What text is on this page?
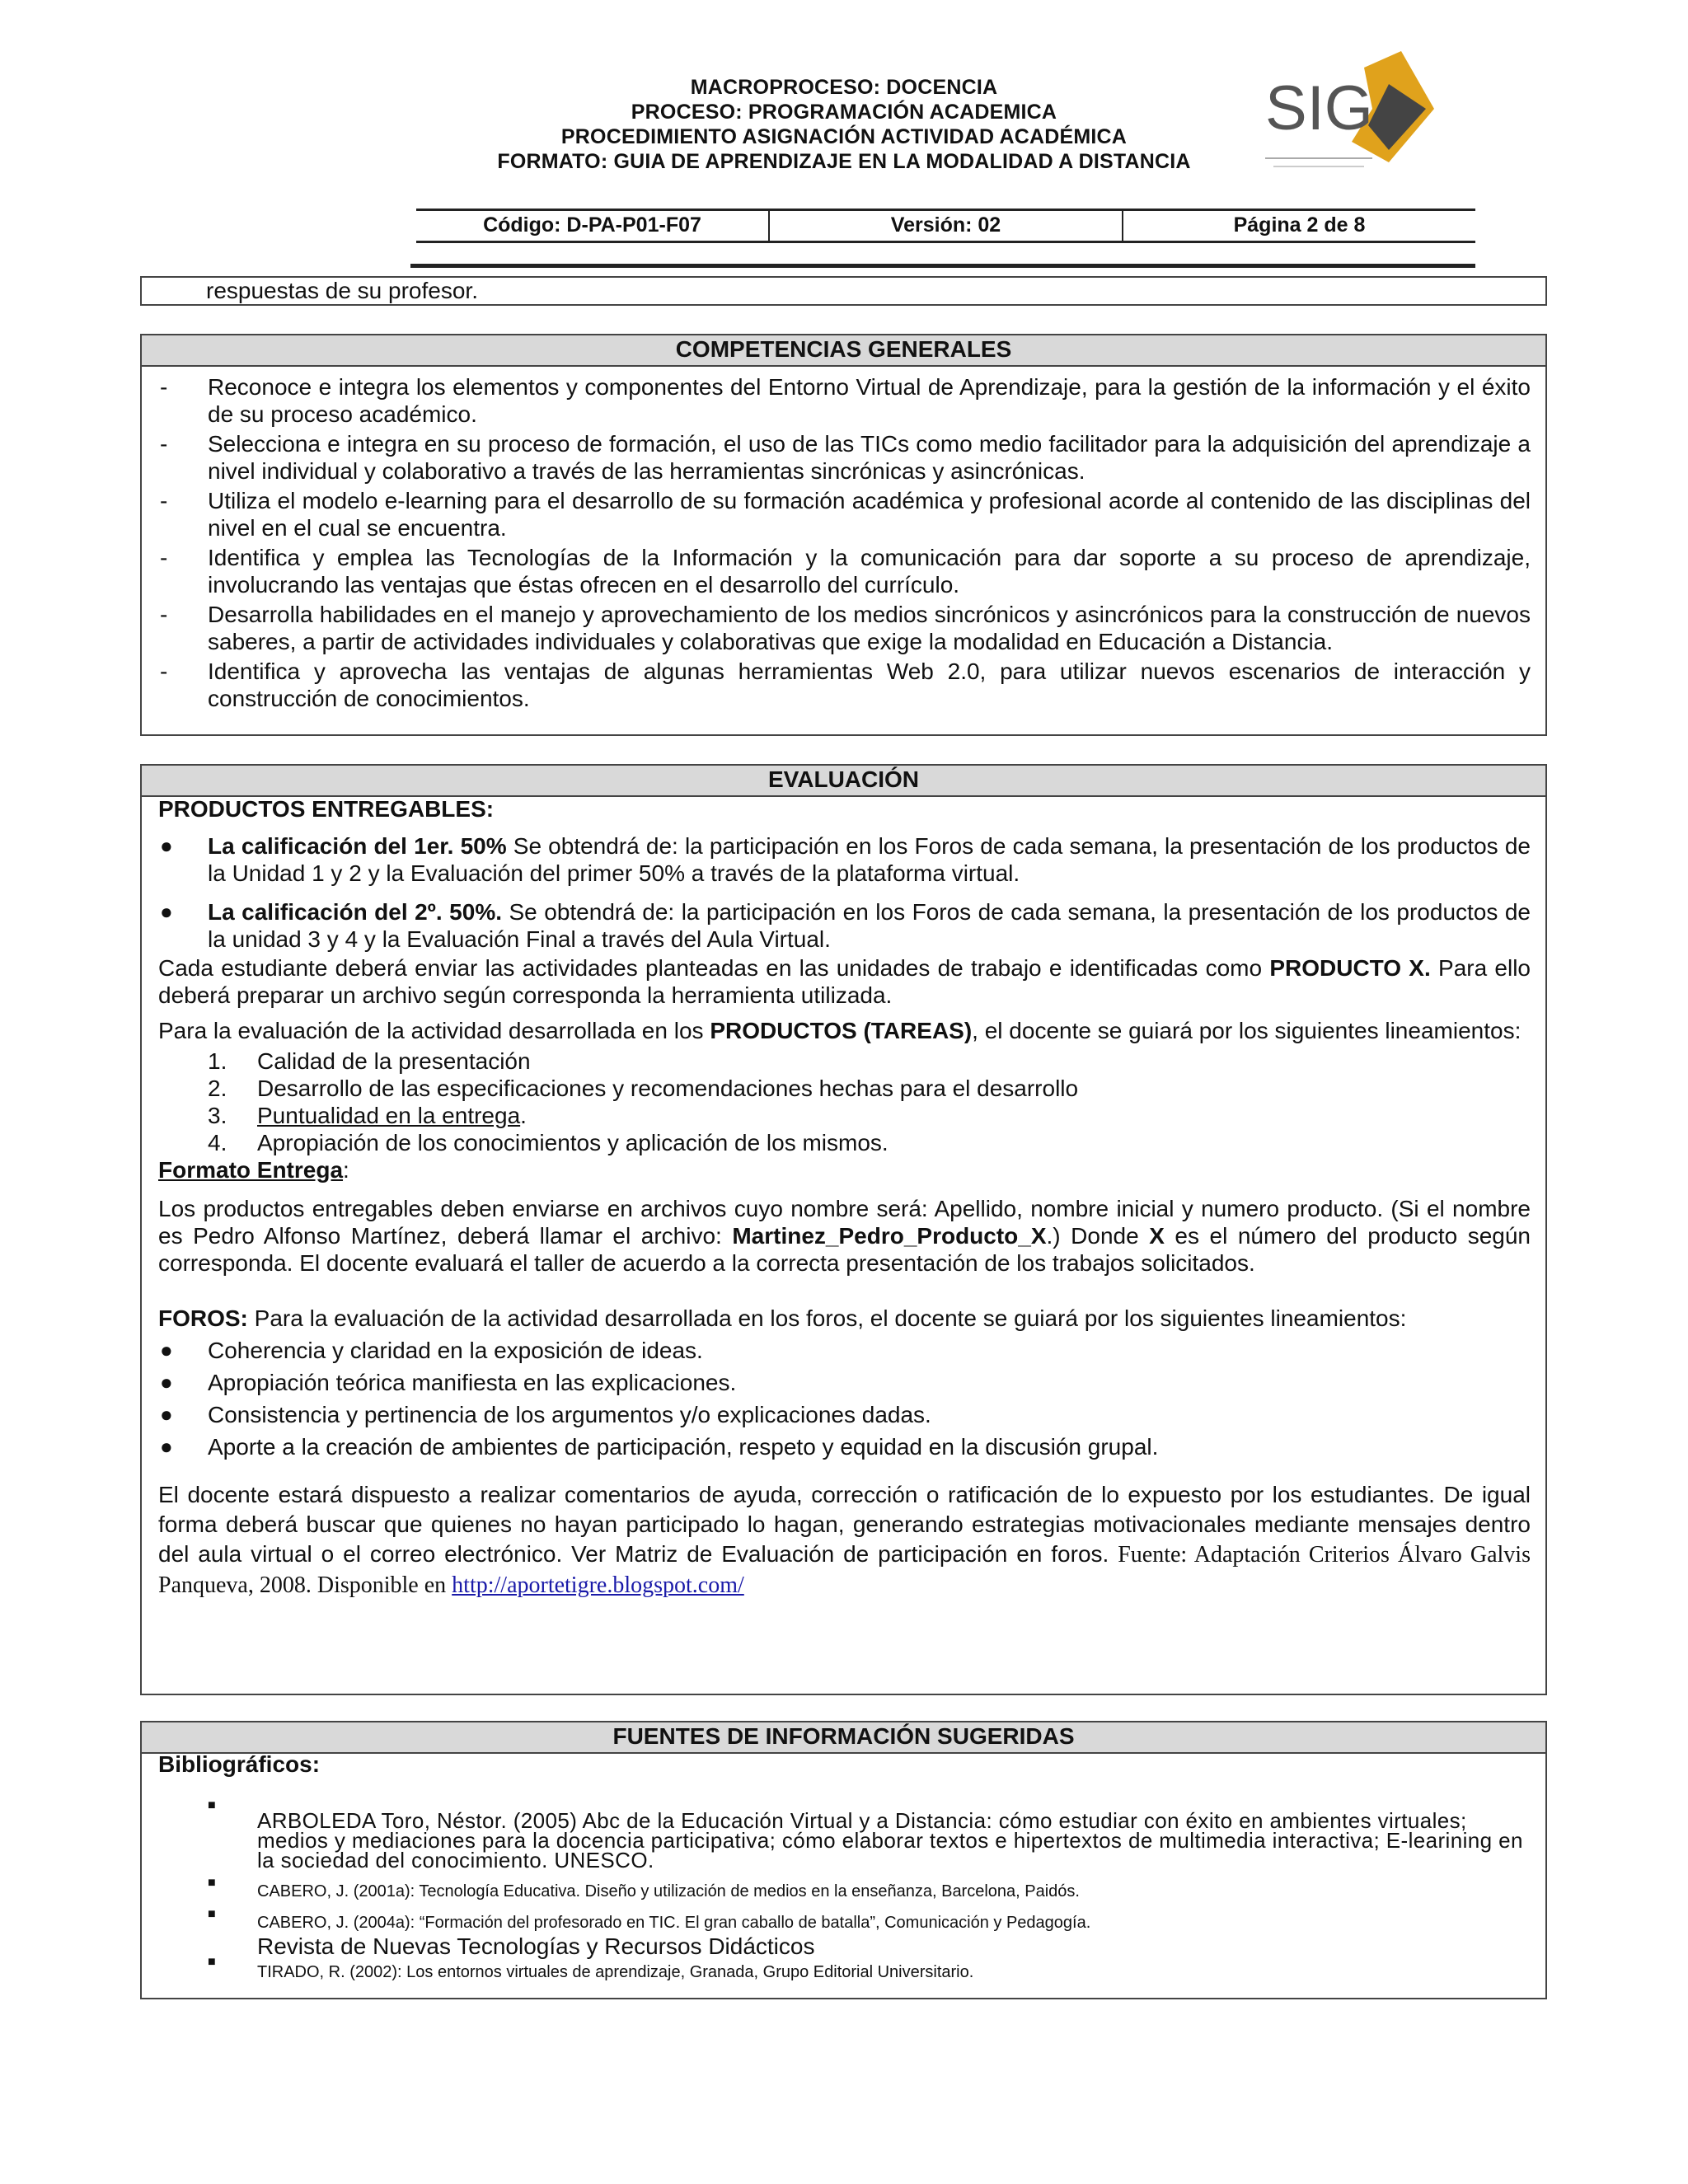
MACROPROCESO: DOCENCIA
PROCESO: PROGRAMACIÓN ACADEMICA
PROCEDIMIENTO ASIGNACIÓN ACTIVIDAD ACADÉMICA
FORMATO: GUIA DE APRENDIZAJE EN LA MODALIDAD A DISTANCIA
SIG
Código: D-PA-P01-F07	Versión: 02	Página 2 de 8
respuestas de su profesor.
COMPETENCIAS GENERALES
- Reconoce e integra los elementos y componentes del Entorno Virtual de Aprendizaje, para la gestión de la información y el éxito de su proceso académico.
- Selecciona e integra en su proceso de formación, el uso de las TICs como medio facilitador para la adquisición del aprendizaje a nivel individual y colaborativo a través de las herramientas sincrónicas y asincrónicas.
- Utiliza el modelo e-learning para el desarrollo de su formación académica y profesional acorde al contenido de las disciplinas del nivel en el cual se encuentra.
- Identifica y emplea las Tecnologías de la Información y la comunicación para dar soporte a su proceso de aprendizaje, involucrando las ventajas que éstas ofrecen en el desarrollo del currículo.
- Desarrolla habilidades en el manejo y aprovechamiento de los medios sincrónicos y asincrónicos para la construcción de nuevos saberes, a partir de actividades individuales y colaborativas que exige la modalidad en Educación a Distancia.
- Identifica y aprovecha las ventajas de algunas herramientas Web 2.0, para utilizar nuevos escenarios de interacción y construcción de conocimientos.
EVALUACIÓN
PRODUCTOS ENTREGABLES:
● La calificación del 1er. 50% Se obtendrá de: la participación en los Foros de cada semana, la presentación de los productos de la Unidad 1 y 2 y la Evaluación del primer 50% a través de la plataforma virtual.
● La calificación del 2º. 50%. Se obtendrá de: la participación en los Foros de cada semana, la presentación de los productos de la unidad 3 y 4 y la Evaluación Final a través del Aula Virtual.
Cada estudiante deberá enviar las actividades planteadas en las unidades de trabajo e identificadas como PRODUCTO X. Para ello deberá preparar un archivo según corresponda la herramienta utilizada.
Para la evaluación de la actividad desarrollada en los PRODUCTOS (TAREAS), el docente se guiará por los siguientes lineamientos:
1. Calidad de la presentación
2. Desarrollo de las especificaciones y recomendaciones hechas para el desarrollo
3. Puntualidad en la entrega.
4. Apropiación de los conocimientos y aplicación de los mismos.
Formato Entrega:
Los productos entregables deben enviarse en archivos cuyo nombre será: Apellido, nombre inicial y numero producto. (Si el nombre es Pedro Alfonso Martínez, deberá llamar el archivo: Martinez_Pedro_Producto_X.) Donde X es el número del producto según corresponda. El docente evaluará el taller de acuerdo a la correcta presentación de los trabajos solicitados.
FOROS: Para la evaluación de la actividad desarrollada en los foros, el docente se guiará por los siguientes lineamientos:
● Coherencia y claridad en la exposición de ideas.
● Apropiación teórica manifiesta en las explicaciones.
● Consistencia y pertinencia de los argumentos y/o explicaciones dadas.
● Aporte a la creación de ambientes de participación, respeto y equidad en la discusión grupal.
El docente estará dispuesto a realizar comentarios de ayuda, corrección o ratificación de lo expuesto por los estudiantes. De igual forma deberá buscar que quienes no hayan participado lo hagan, generando estrategias motivacionales mediante mensajes dentro del aula virtual o el correo electrónico. Ver Matriz de Evaluación de participación en foros. Fuente: Adaptación Criterios Álvaro Galvis Panqueva, 2008. Disponible en http://aportetigre.blogspot.com/
FUENTES DE INFORMACIÓN SUGERIDAS
Bibliográficos:
■
ARBOLEDA Toro, Néstor. (2005) Abc de la Educación Virtual y a Distancia: cómo estudiar con éxito en ambientes virtuales; medios y mediaciones para la docencia participativa; cómo elaborar textos e hipertextos de multimedia interactiva; E-learining en la sociedad del conocimiento. UNESCO.
■	CABERO, J. (2001a): Tecnología Educativa. Diseño y utilización de medios en la enseñanza, Barcelona, Paidós.
■	CABERO, J. (2004a): “Formación del profesorado en TIC. El gran caballo de batalla”, Comunicación y Pedagogía.
Revista de Nuevas Tecnologías y Recursos Didácticos
■
TIRADO, R. (2002): Los entornos virtuales de aprendizaje, Granada, Grupo Editorial Universitario.
